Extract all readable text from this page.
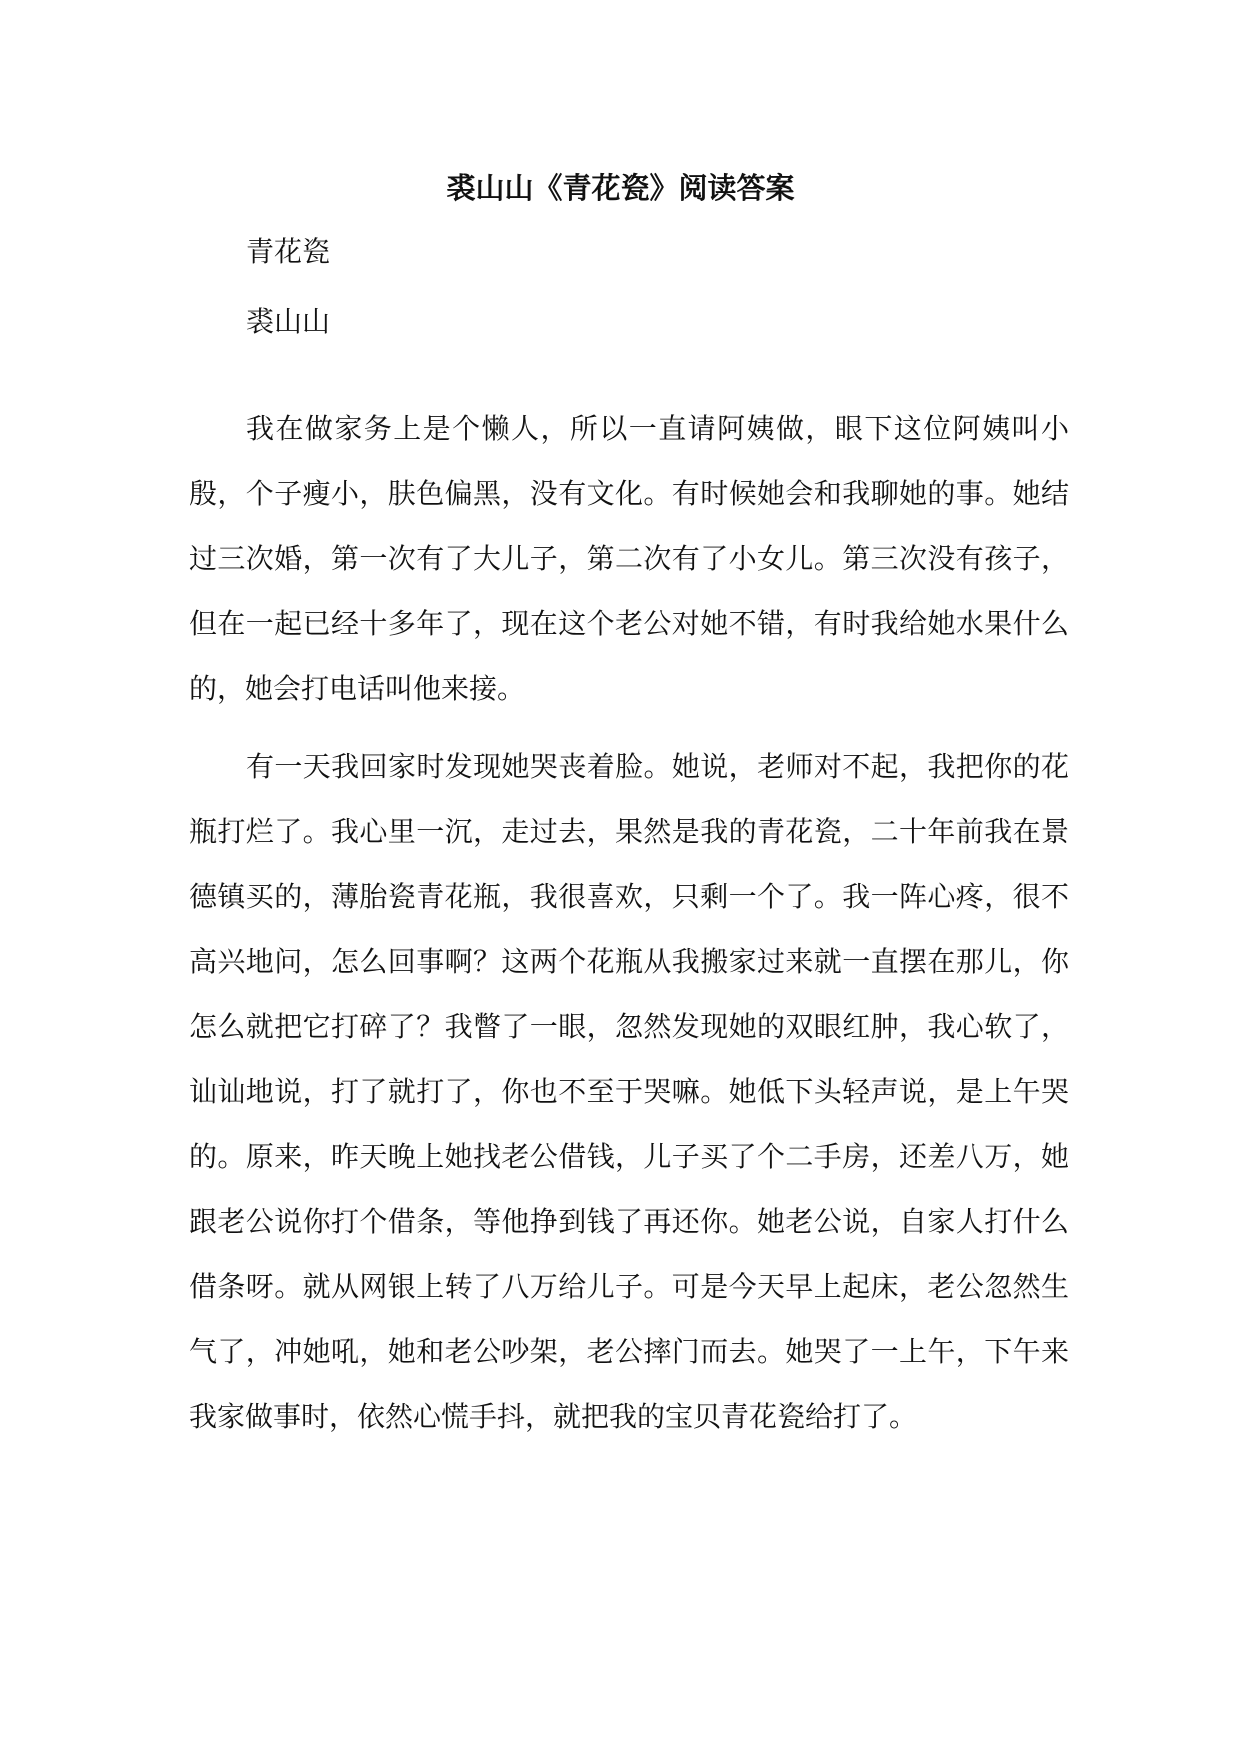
裘山山《青花瓷》阅读答案

青花瓷

裘山山

我在做家务上是个懒人，所以一直请阿姨做，眼下这位阿姨叫小殷，个子瘦小，肤色偏黑，没有文化。有时候她会和我聊她的事。她结过三次婚，第一次有了大儿子，第二次有了小女儿。第三次没有孩子，但在一起已经十多年了，现在这个老公对她不错，有时我给她水果什么的，她会打电话叫他来接。

有一天我回家时发现她哭丧着脸。她说，老师对不起，我把你的花瓶打烂了。我心里一沉，走过去，果然是我的青花瓷，二十年前我在景德镇买的，薄胎瓷青花瓶，我很喜欢，只剩一个了。我一阵心疼，很不高兴地问，怎么回事啊？这两个花瓶从我搬家过来就一直摆在那儿，你怎么就把它打碎了？我瞥了一眼，忽然发现她的双眼红肿，我心软了，讪讪地说，打了就打了，你也不至于哭嘛。她低下头轻声说，是上午哭的。原来，昨天晚上她找老公借钱，儿子买了个二手房，还差八万，她跟老公说你打个借条，等他挣到钱了再还你。她老公说，自家人打什么借条呀。就从网银上转了八万给儿子。可是今天早上起床，老公忽然生气了，冲她吼，她和老公吵架，老公摔门而去。她哭了一上午，下午来我家做事时，依然心慌手抖，就把我的宝贝青花瓷给打了。
